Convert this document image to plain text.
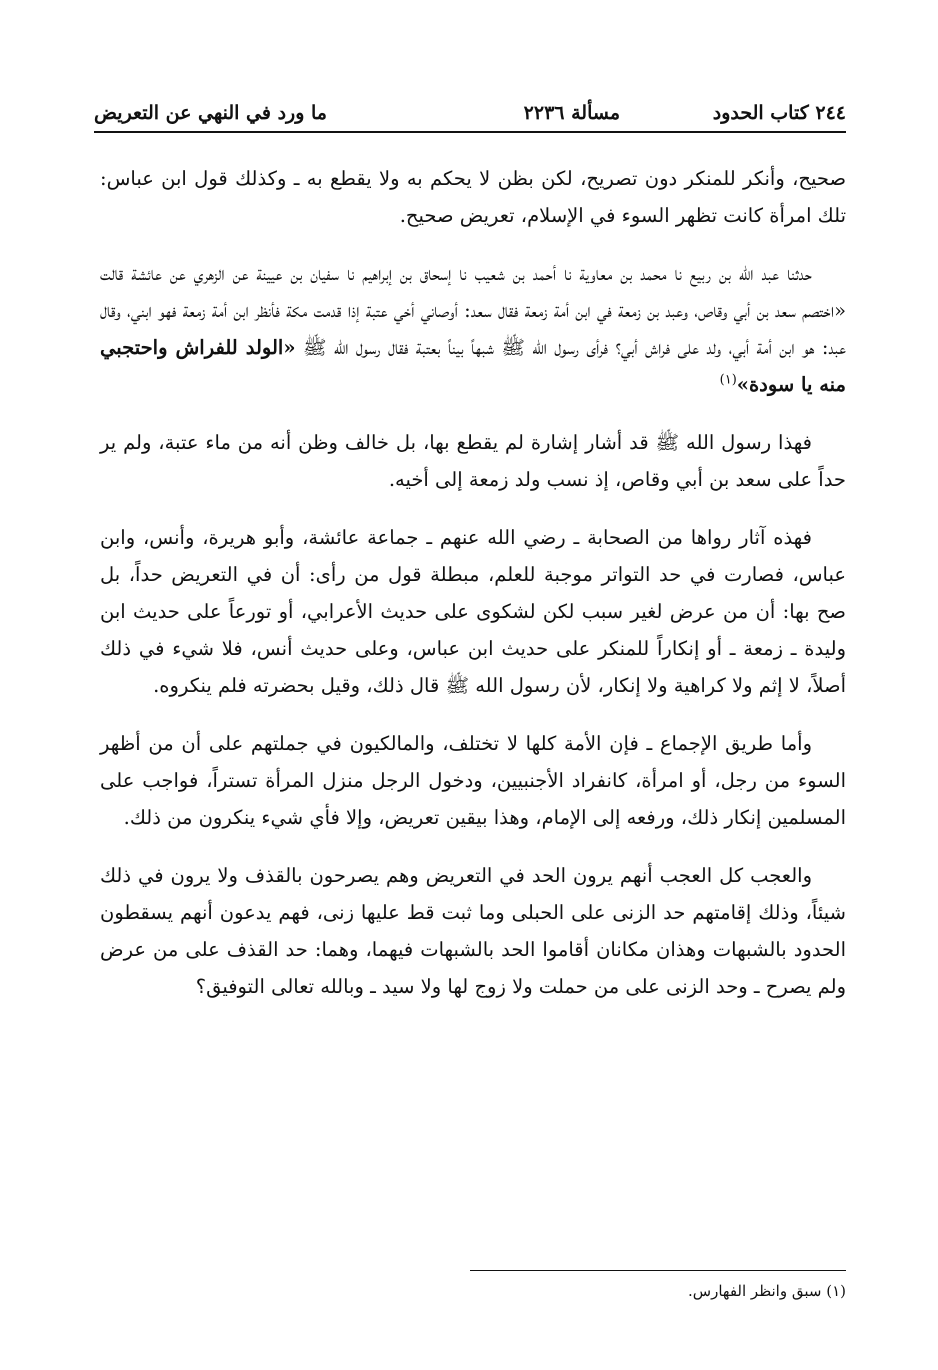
٢٤٤ كتاب الحدود
مسألة ٢٢٣٦
ما ورد في النهي عن التعريض

صحيح، وأنكر للمنكر دون تصريح، لكن بظن لا يحكم به ولا يقطع به ـ وكذلك قول ابن عباس: تلك امرأة كانت تظهر السوء في الإسلام، تعريض صحيح.

حدثنا عبد الله بن ربيع نا محمد بن معاوية نا أحمد بن شعيب نا إسحاق بن إبراهيم نا سفيان بن عيينة عن الزهري عن عائشة قالت «اختصم سعد بن أبي وقاص، وعبد بن زمعة في ابن أمة زمعة فقال سعد: أوصاني أخي عتبة إذا قدمت مكة فأنظر ابن أمة زمعة فهو ابني، وقال عبد: هو ابن أمة أبي، ولد على فراش أبي؟ فرأى رسول الله ﷺ شبهاً بيناً بعتبة فقال رسول الله ﷺ «الولد للفراش واحتجبي منه يا سودة»$^{(١)}$

فهذا رسول الله ﷺ قد أشار إشارة لم يقطع بها، بل خالف وظن أنه من ماء عتبة، ولم ير حداً على سعد بن أبي وقاص، إذ نسب ولد زمعة إلى أخيه.

فهذه آثار رواها من الصحابة ـ رضي الله عنهم ـ جماعة عائشة، وأبو هريرة، وأنس، وابن عباس، فصارت في حد التواتر موجبة للعلم، مبطلة قول من رأى: أن في التعريض حداً، بل صح بها: أن من عرض لغير سبب لكن لشكوى على حديث الأعرابي، أو تورعاً على حديث ابن وليدة ـ زمعة ـ أو إنكاراً للمنكر على حديث ابن عباس، وعلى حديث أنس، فلا شيء في ذلك أصلاً، لا إثم ولا كراهية ولا إنكار، لأن رسول الله ﷺ قال ذلك، وقيل بحضرته فلم ينكروه.

وأما طريق الإجماع ـ فإن الأمة كلها لا تختلف، والمالكيون في جملتهم على أن من أظهر السوء من رجل، أو امرأة، كانفراد الأجنبيين، ودخول الرجل منزل المرأة تستراً، فواجب على المسلمين إنكار ذلك، ورفعه إلى الإمام، وهذا بيقين تعريض، وإلا فأي شيء ينكرون من ذلك.

والعجب كل العجب أنهم يرون الحد في التعريض وهم يصرحون بالقذف ولا يرون في ذلك شيئاً، وذلك إقامتهم حد الزنى على الحبلى وما ثبت قط عليها زنى، فهم يدعون أنهم يسقطون الحدود بالشبهات وهذان مكانان أقاموا الحد بالشبهات فيهما، وهما: حد القذف على من عرض ولم يصرح ـ وحد الزنى على من حملت ولا زوج لها ولا سيد ـ وبالله تعالى التوفيق؟

(١) سبق وانظر الفهارس.
